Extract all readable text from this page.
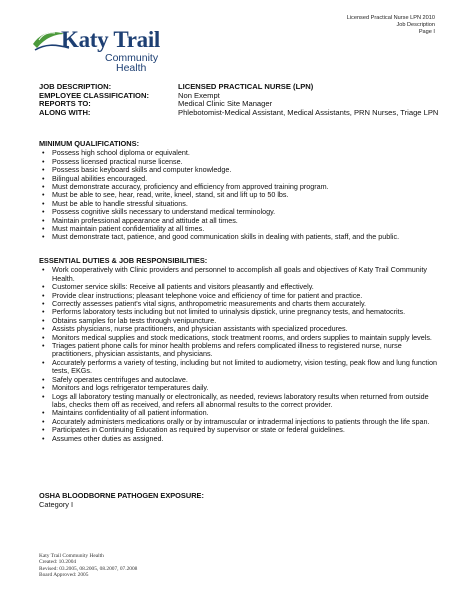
Licensed Practical Nurse LPN 2010
Job Description
Page I
Katy Trail
Community
Health
JOB DESCRIPTION:	LICENSED PRACTICAL NURSE (LPN)
EMPLOYEE CLASSIFICATION:	Non Exempt
REPORTS TO:	Medical Clinic Site Manager
ALONG WITH:	Phlebotomist-Medical Assistant, Medical Assistants, PRN Nurses, Triage LPN
MINIMUM QUALIFICATIONS:
• Possess high school diploma or equivalent.
• Possess licensed practical nurse license.
• Possess basic keyboard skills and computer knowledge.
• Bilingual abilities encouraged.
• Must demonstrate accuracy, proficiency and efficiency from approved training program.
• Must be able to see, hear, read, write, kneel, stand, sit and lift up to 50 lbs.
• Must be able to handle stressful situations.
• Possess cognitive skills necessary to understand medical terminology.
• Maintain professional appearance and attitude at all times.
• Must maintain patient confidentiality at all times.
• Must demonstrate tact, patience, and good communication skills in dealing with patients, staff, and the public.
ESSENTIAL DUTIES & JOB RESPONSIBILITIES:
• Work cooperatively with Clinic providers and personnel to accomplish all goals and objectives of Katy Trail Community Health.
• Customer service skills: Receive all patients and visitors pleasantly and effectively.
• Provide clear instructions; pleasant telephone voice and efficiency of time for patient and practice.
• Correctly assesses patient's vital signs, anthropometric measurements and charts them accurately.
• Performs laboratory tests including but not limited to urinalysis dipstick, urine pregnancy tests, and hematocrits.
• Obtains samples for lab tests through venipuncture.
• Assists physicians, nurse practitioners, and physician assistants with specialized procedures.
• Monitors medical supplies and stock medications, stock treatment rooms, and orders supplies to maintain supply levels.
• Triages patient phone calls for minor health problems and refers complicated illness to registered nurse, nurse practitioners, physician assistants, and physicians.
• Accurately performs a variety of testing, including but not limited to audiometry, vision testing, peak flow and lung function tests, EKGs.
• Safely operates centrifuges and autoclave.
• Monitors and logs refrigerator temperatures daily.
• Logs all laboratory testing manually or electronically, as needed, reviews laboratory results when returned from outside labs, checks them off as received, and refers all abnormal results to the correct provider.
• Maintains confidentiality of all patient information.
• Accurately administers medications orally or by intramuscular or intradermal injections to patients through the life span.
• Participates in Continuing Education as required by supervisor or state or federal guidelines.
• Assumes other duties as assigned.
OSHA BLOODBORNE PATHOGEN EXPOSURE:
Category I
Katy Trail Community Health
Created: 10.2004
Revised: 03.2005, 08.2005, 08.2007, 07.2008
Board Approved: 2005
